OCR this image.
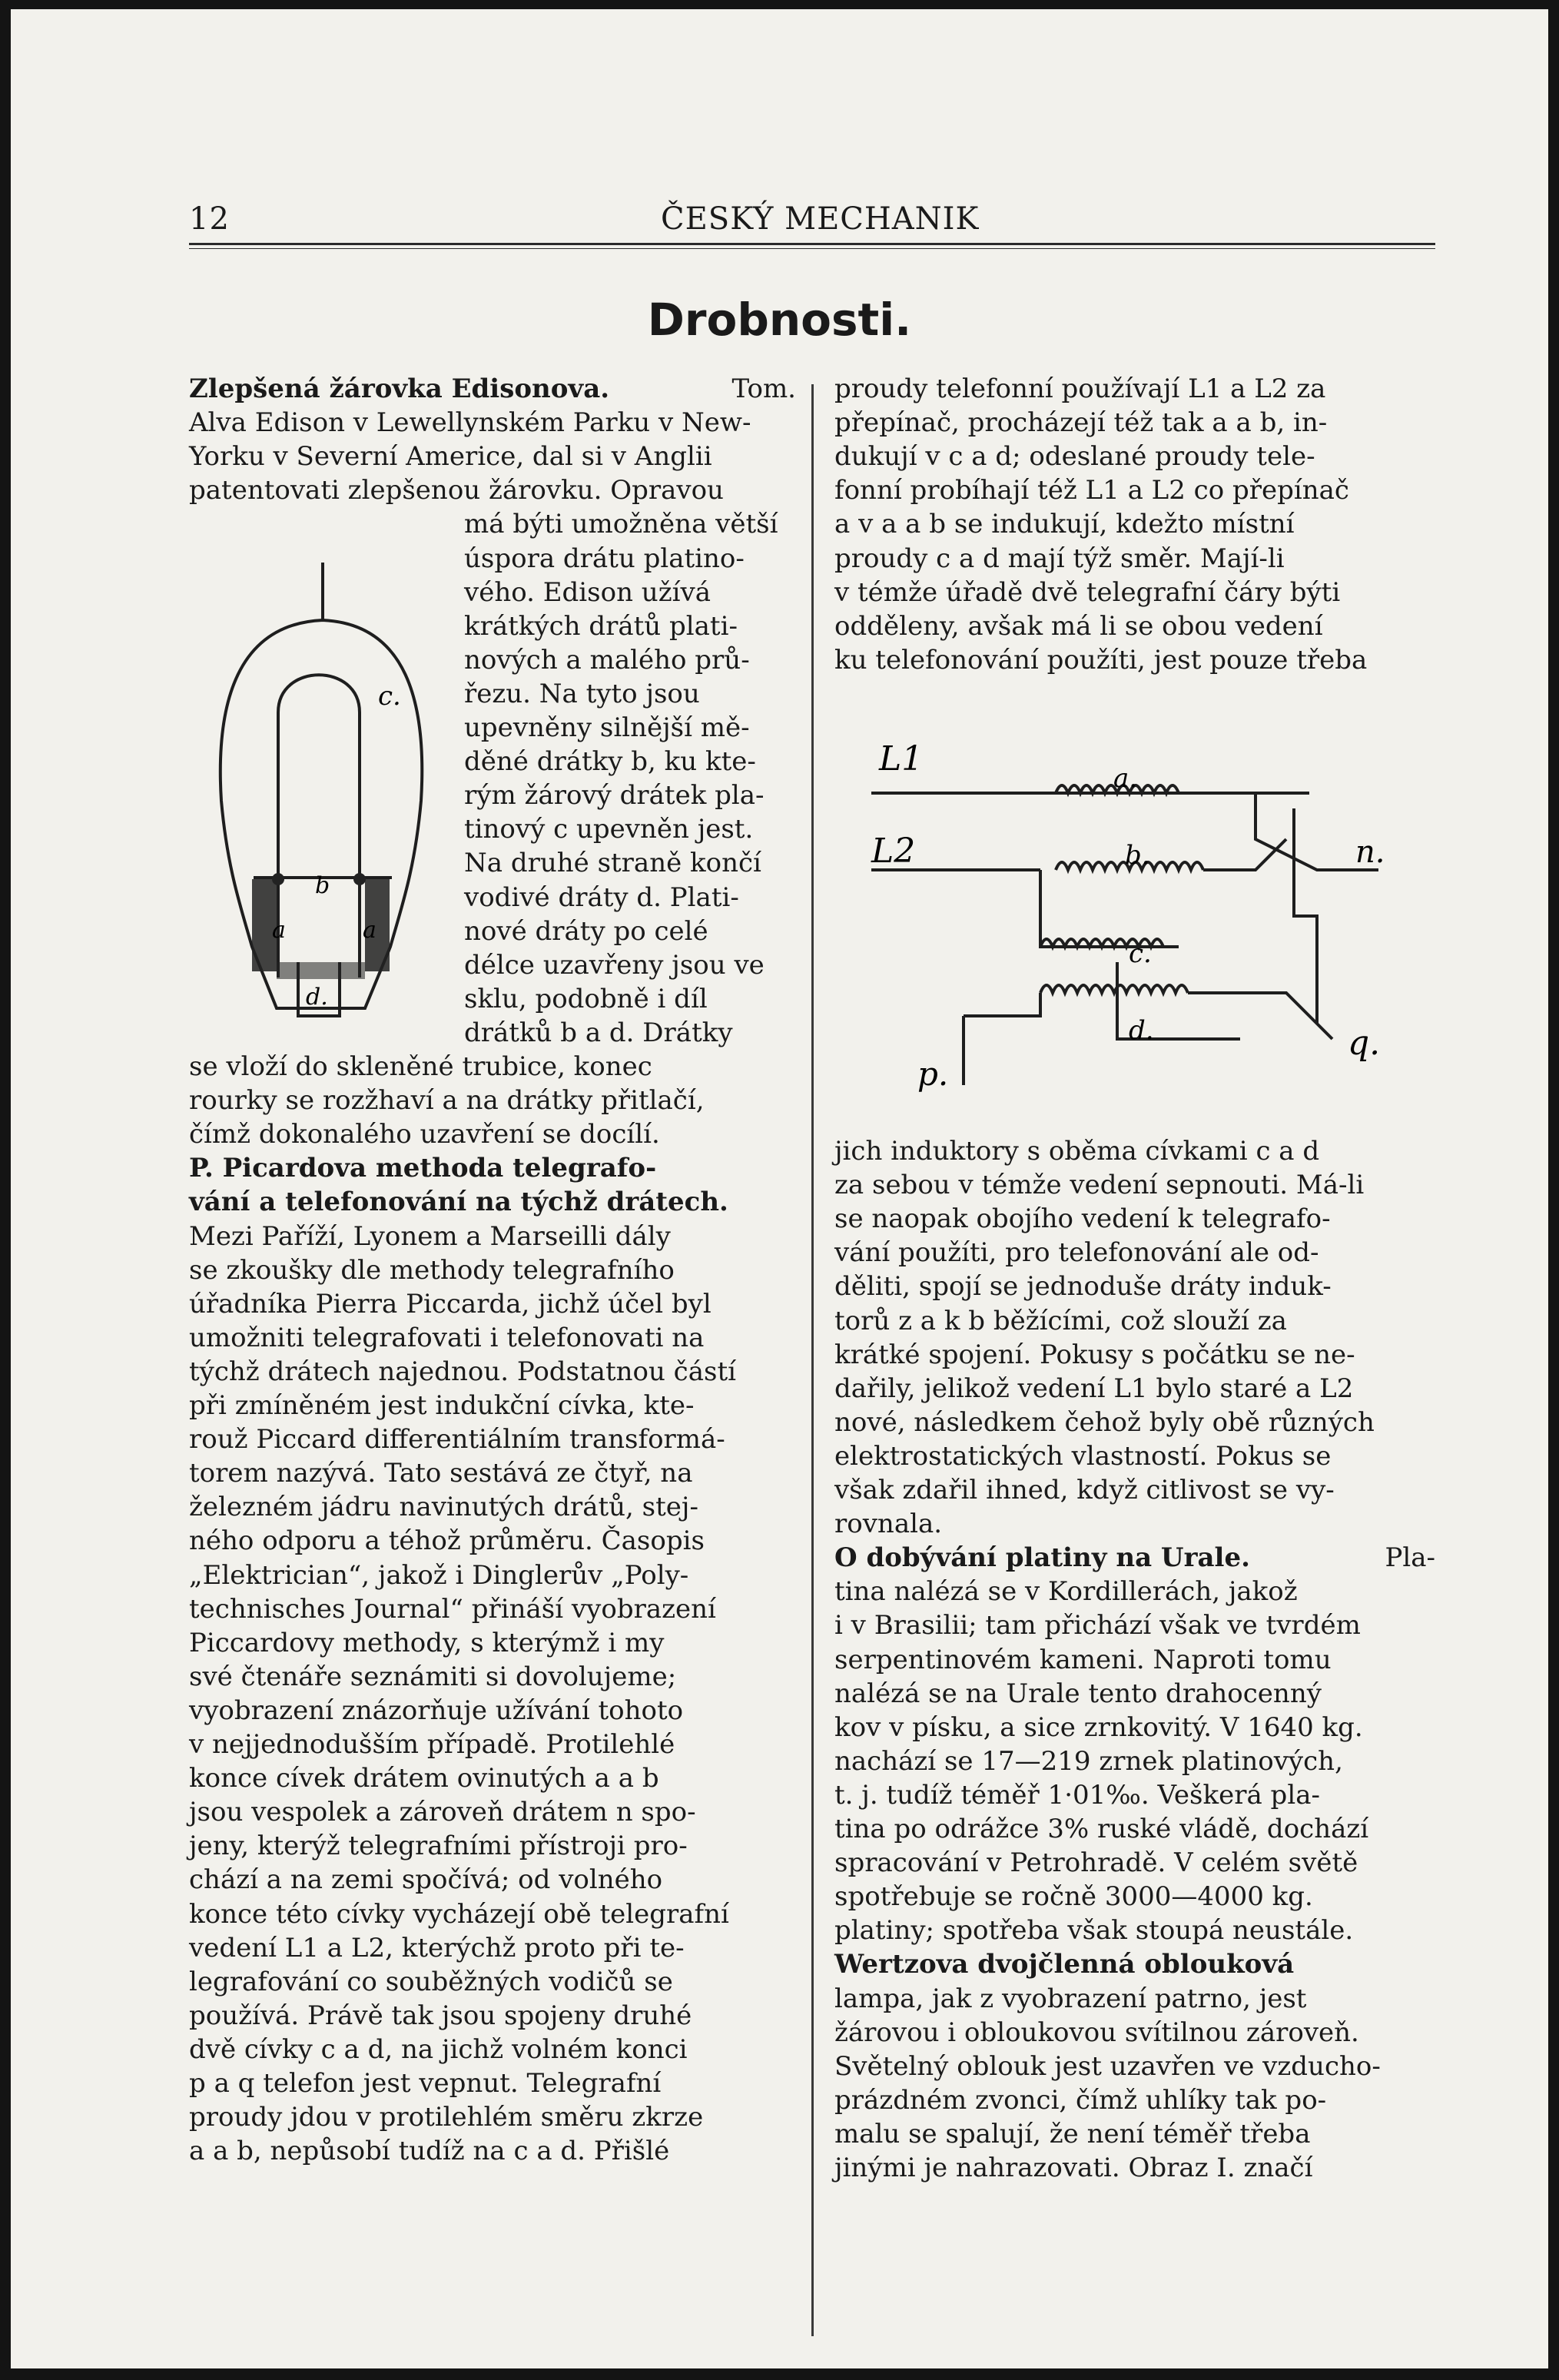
12	ČESKÝ MECHANIK
Drobnosti.
b
a	a
c.
d.
L1
L2
a.
b.
c.
d.
n.
p.
q.
Zlepšená žárovka Edisonova.	Tom.
Alva Edison v Lewellynském Parku v New-
Yorku v Severní Americe, dal si v Anglii
patentovati zlepšenou žárovku. Opravou
má býti umožněna větší
úspora drátu platino-
vého. Edison užívá
krátkých drátů plati-
nových a malého prů-
řezu. Na tyto jsou
upevněny silnější mě-
děné drátky b, ku kte-
rým žárový drátek pla-
tinový c upevněn jest.
Na druhé straně končí
vodivé dráty d. Plati-
nové dráty po celé
délce uzavřeny jsou ve
sklu, podobně i díl
drátků b a d. Drátky
se vloží do skleněné trubice, konec
rourky se rozžhaví a na drátky přitlačí,
čímž dokonalého uzavření se docílí.
P. Picardova methoda telegrafo-
vání a telefonování na týchž drátech.
Mezi Paříží, Lyonem a Marseilli dály
se zkoušky dle methody telegrafního
úřadníka Pierra Piccarda, jichž účel byl
umožniti telegrafovati i telefonovati na
týchž drátech najednou. Podstatnou částí
při zmíněném jest indukční cívka, kte-
rouž Piccard differentiálním transformá-
torem nazývá. Tato sestává ze čtyř, na
železném jádru navinutých drátů, stej-
ného odporu a téhož průměru. Časopis
„Elektrician“, jakož i Dinglerův „Poly-
technisches Journal“ přináší vyobrazení
Piccardovy methody, s kterýmž i my
své čtenáře seznámiti si dovolujeme;
vyobrazení znázorňuje užívání tohoto
v nejjednodušším případě. Protilehlé
konce cívek drátem ovinutých a a b
jsou vespolek a zároveň drátem n spo-
jeny, kterýž telegrafními přístroji pro-
chází a na zemi spočívá; od volného
konce této cívky vycházejí obě telegrafní
vedení L1 a L2, kterýchž proto při te-
legrafování co souběžných vodičů se
používá. Právě tak jsou spojeny druhé
dvě cívky c a d, na jichž volném konci
p a q telefon jest vepnut. Telegrafní
proudy jdou v protilehlém směru zkrze
a a b, nepůsobí tudíž na c a d. Přišlé
proudy telefonní používají L1 a L2 za
přepínač, procházejí též tak a a b, in-
dukují v c a d; odeslané proudy tele-
fonní probíhají též L1 a L2 co přepínač
a v a a b se indukují, kdežto místní
proudy c a d mají týž směr. Mají-li
v témže úřadě dvě telegrafní čáry býti
odděleny, avšak má li se obou vedení
ku telefonování použíti, jest pouze třeba
jich induktory s oběma cívkami c a d
za sebou v témže vedení sepnouti. Má-li
se naopak obojího vedení k telegrafo-
vání použíti, pro telefonování ale od-
děliti, spojí se jednoduše dráty induk-
torů z a k b běžícími, což slouží za
krátké spojení. Pokusy s počátku se ne-
dařily, jelikož vedení L1 bylo staré a L2
nové, následkem čehož byly obě různých
elektrostatických vlastností. Pokus se
však zdařil ihned, když citlivost se vy-
rovnala.
O dobývání platiny na Urale.	Pla-
tina nalézá se v Kordillerách, jakož
i v Brasilii; tam přichází však ve tvrdém
serpentinovém kameni. Naproti tomu
nalézá se na Urale tento drahocenný
kov v písku, a sice zrnkovitý. V 1640 kg.
nachází se 17—219 zrnek platinových,
t. j. tudíž téměř 1·01‰. Veškerá pla-
tina po odrážce 3% ruské vládě, dochází
spracování v Petrohradě. V celém světě
spotřebuje se ročně 3000—4000 kg.
platiny; spotřeba však stoupá neustále.
Wertzova dvojčlenná oblouková
lampa, jak z vyobrazení patrno, jest
žárovou i obloukovou svítilnou zároveň.
Světelný oblouk jest uzavřen ve vzducho-
prázdném zvonci, čímž uhlíky tak po-
malu se spalují, že není téměř třeba
jinými je nahrazovati. Obraz I. značí
